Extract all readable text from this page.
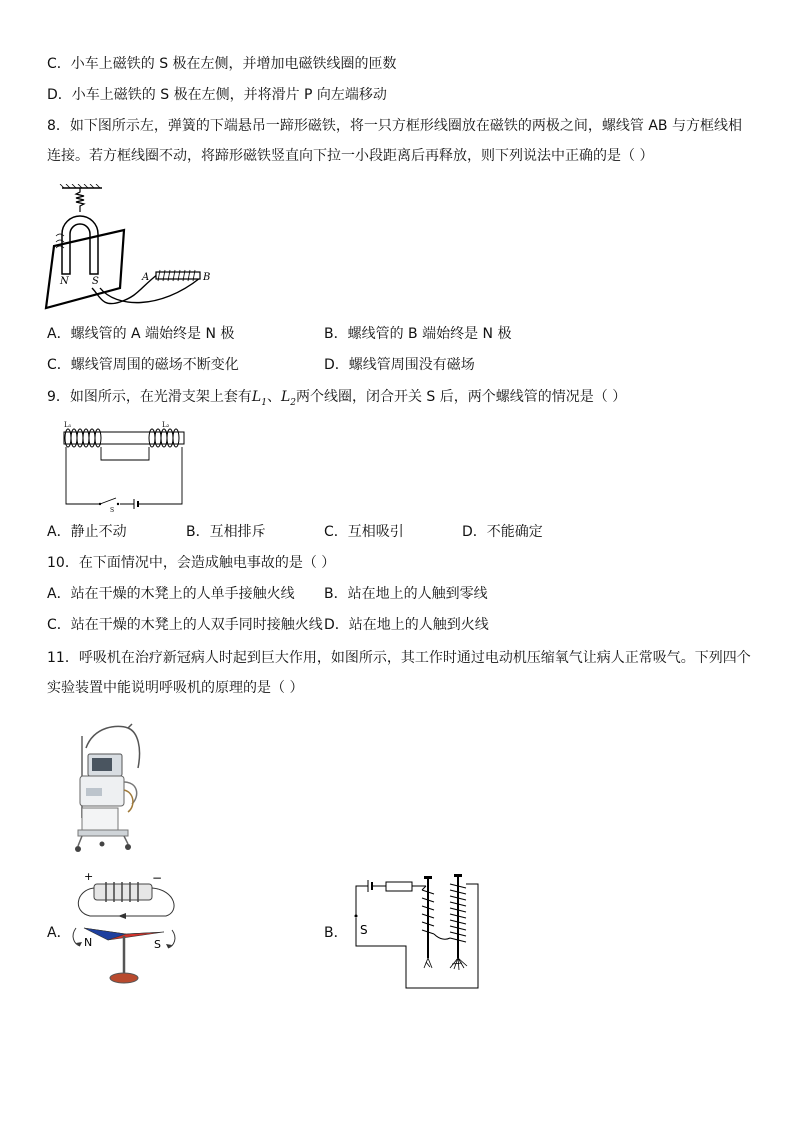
C．小车上磁铁的 S 极在左侧，并增加电磁铁线圈的匝数
D．小车上磁铁的 S 极在左侧，并将滑片 P 向左端移动
8．如下图所示左，弹簧的下端悬吊一蹄形磁铁，将一只方框形线圈放在磁铁的两极之间，螺线管 AB 与方框线相
连接。若方框线圈不动，将蹄形磁铁竖直向下拉一小段距离后再释放，则下列说法中正确的是（ ）
N S	A	B
A．螺线管的 A 端始终是 N 极	B．螺线管的 B 端始终是 N 极
C．螺线管周围的磁场不断变化	D．螺线管周围没有磁场
9．如图所示，在光滑支架上套有$L_1$、$L_2$两个线圈，闭合开关 S 后，两个螺线管的情况是（ ）
L₁	L₂
S
A．静止不动	B．互相排斥	C．互相吸引	D．不能确定
10．在下面情况中，会造成触电事故的是（ ）
A．站在干燥的木凳上的人单手接触火线 B．站在地上的人触到零线
C．站在干燥的木凳上的人双手同时接触火线 D．站在地上的人触到火线
11．呼吸机在治疗新冠病人时起到巨大作用，如图所示，其工作时通过电动机压缩氧气让病人正常吸气。下列四个
实验装置中能说明呼吸机的原理的是（ ）
A．
+	−
N	S
B． S
